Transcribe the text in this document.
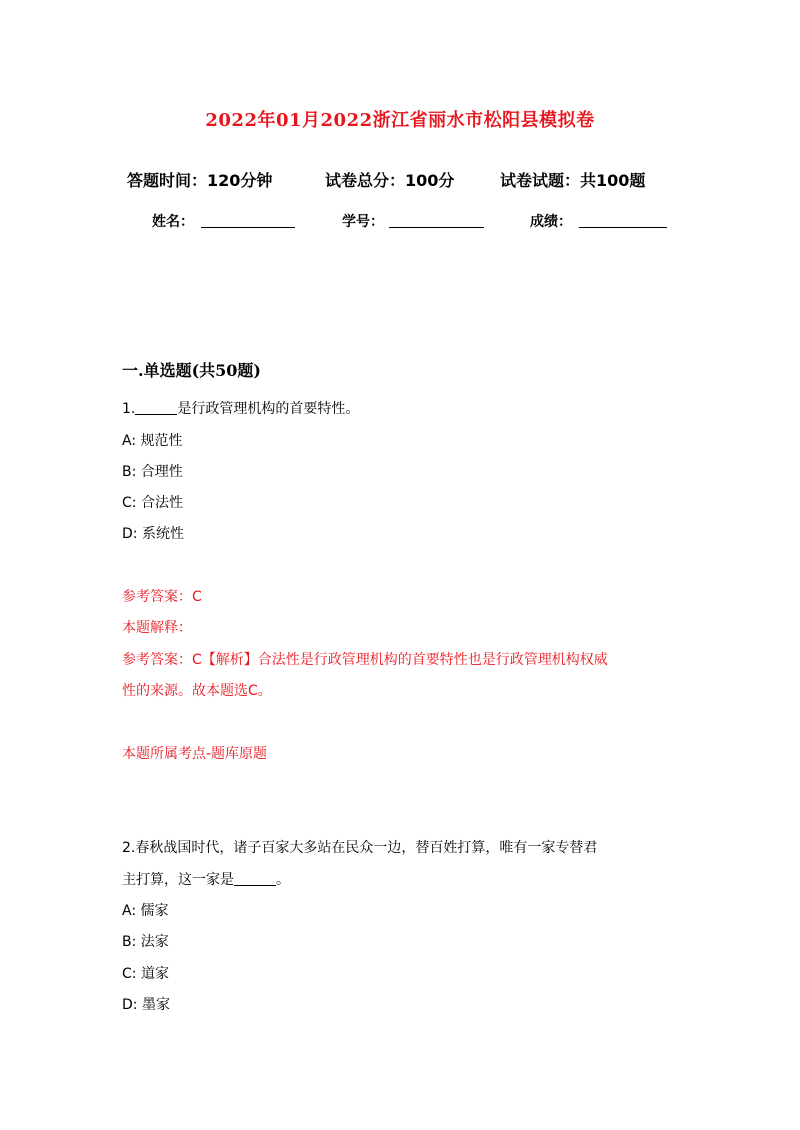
2022年01月2022浙江省丽水市松阳县模拟卷
答题时间：120分钟	试卷总分：100分	试卷试题：共100题
姓名：	学号：	成绩：
一.单选题(共50题)
1.	是行政管理机构的首要特性。
A: 规范性
B: 合理性
C: 合法性
D: 系统性
参考答案：C
本题解释：
参考答案：C【解析】合法性是行政管理机构的首要特性也是行政管理机构权威
性的来源。故本题选C。
本题所属考点-题库原题
2.春秋战国时代，诸子百家大多站在民众一边，替百姓打算，唯有一家专替君
主打算，这一家是	。
A: 儒家
B: 法家
C: 道家
D: 墨家
